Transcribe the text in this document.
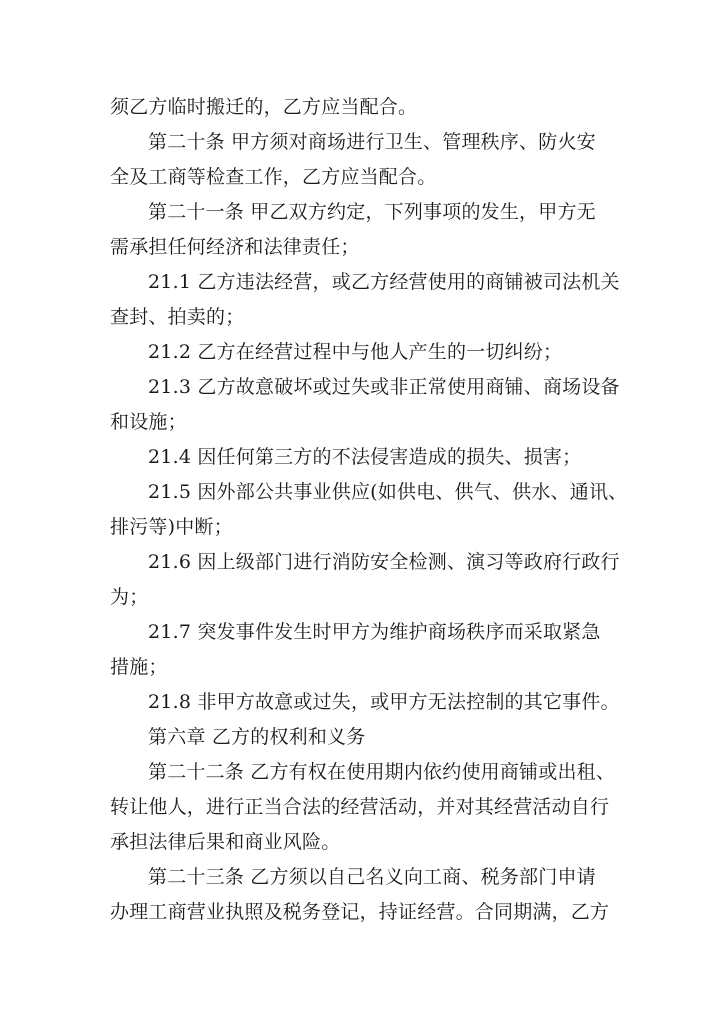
须乙方临时搬迁的，乙方应当配合。
第二十条 甲方须对商场进行卫生、管理秩序、防火安
全及工商等检查工作，乙方应当配合。
第二十一条 甲乙双方约定，下列事项的发生，甲方无
需承担任何经济和法律责任；
21.1 乙方违法经营，或乙方经营使用的商铺被司法机关
查封、拍卖的；
21.2 乙方在经营过程中与他人产生的一切纠纷；
21.3 乙方故意破坏或过失或非正常使用商铺、商场设备
和设施；
21.4 因任何第三方的不法侵害造成的损失、损害；
21.5 因外部公共事业供应(如供电、供气、供水、通讯、
排污等)中断；
21.6 因上级部门进行消防安全检测、演习等政府行政行
为；
21.7 突发事件发生时甲方为维护商场秩序而采取紧急
措施；
21.8 非甲方故意或过失，或甲方无法控制的其它事件。
第六章 乙方的权利和义务
第二十二条 乙方有权在使用期内依约使用商铺或出租、
转让他人，进行正当合法的经营活动，并对其经营活动自行
承担法律后果和商业风险。
第二十三条 乙方须以自己名义向工商、税务部门申请
办理工商营业执照及税务登记，持证经营。合同期满，乙方
